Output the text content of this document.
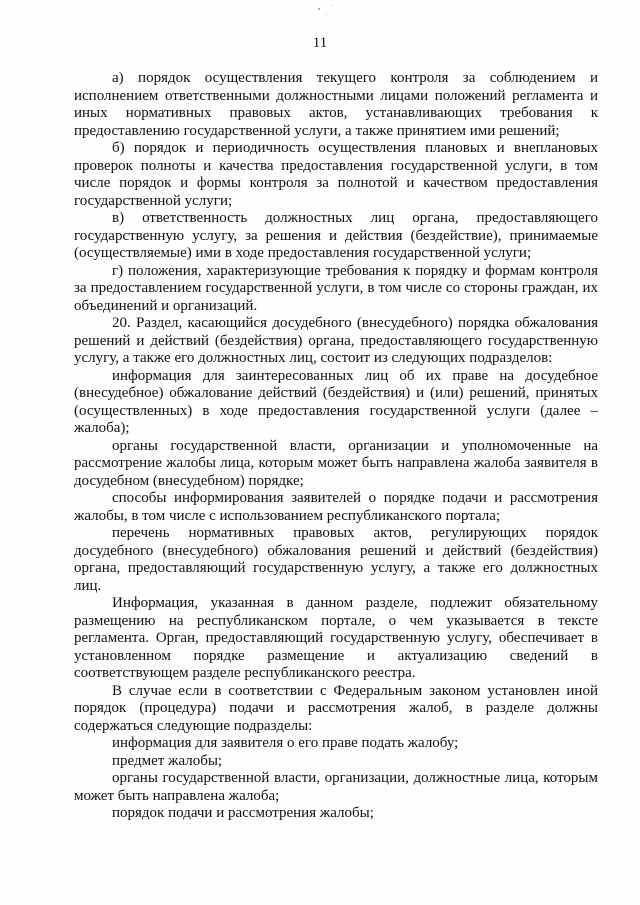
11

а) порядок осуществления текущего контроля за соблюдением и исполнением ответственными должностными лицами положений регламента и иных нормативных правовых актов, устанавливающих требования к предоставлению государственной услуги, а также принятием ими решений;

б) порядок и периодичность осуществления плановых и внеплановых проверок полноты и качества предоставления государственной услуги, в том числе порядок и формы контроля за полнотой и качеством предоставления государственной услуги;

в) ответственность должностных лиц органа, предоставляющего государственную услугу, за решения и действия (бездействие), принимаемые (осуществляемые) ими в ходе предоставления государственной услуги;

г) положения, характеризующие требования к порядку и формам контроля за предоставлением государственной услуги, в том числе со стороны граждан, их объединений и организаций.

20. Раздел, касающийся досудебного (внесудебного) порядка обжалования решений и действий (бездействия) органа, предоставляющего государственную услугу, а также его должностных лиц, состоит из следующих подразделов:

информация для заинтересованных лиц об их праве на досудебное (внесудебное) обжалование действий (бездействия) и (или) решений, принятых (осуществленных) в ходе предоставления государственной услуги (далее – жалоба);

органы государственной власти, организации и уполномоченные на рассмотрение жалобы лица, которым может быть направлена жалоба заявителя в досудебном (внесудебном) порядке;

способы информирования заявителей о порядке подачи и рассмотрения жалобы, в том числе с использованием республиканского портала;

перечень нормативных правовых актов, регулирующих порядок досудебного (внесудебного) обжалования решений и действий (бездействия) органа, предоставляющий государственную услугу, а также его должностных лиц.

Информация, указанная в данном разделе, подлежит обязательному размещению на республиканском портале, о чем указывается в тексте регламента. Орган, предоставляющий государственную услугу, обеспечивает в установленном порядке размещение и актуализацию сведений в соответствующем разделе республиканского реестра.

В случае если в соответствии с Федеральным законом установлен иной порядок (процедура) подачи и рассмотрения жалоб, в разделе должны содержаться следующие подразделы:

информация для заявителя о его праве подать жалобу;

предмет жалобы;

органы государственной власти, организации, должностные лица, которым может быть направлена жалоба;

порядок подачи и рассмотрения жалобы;
